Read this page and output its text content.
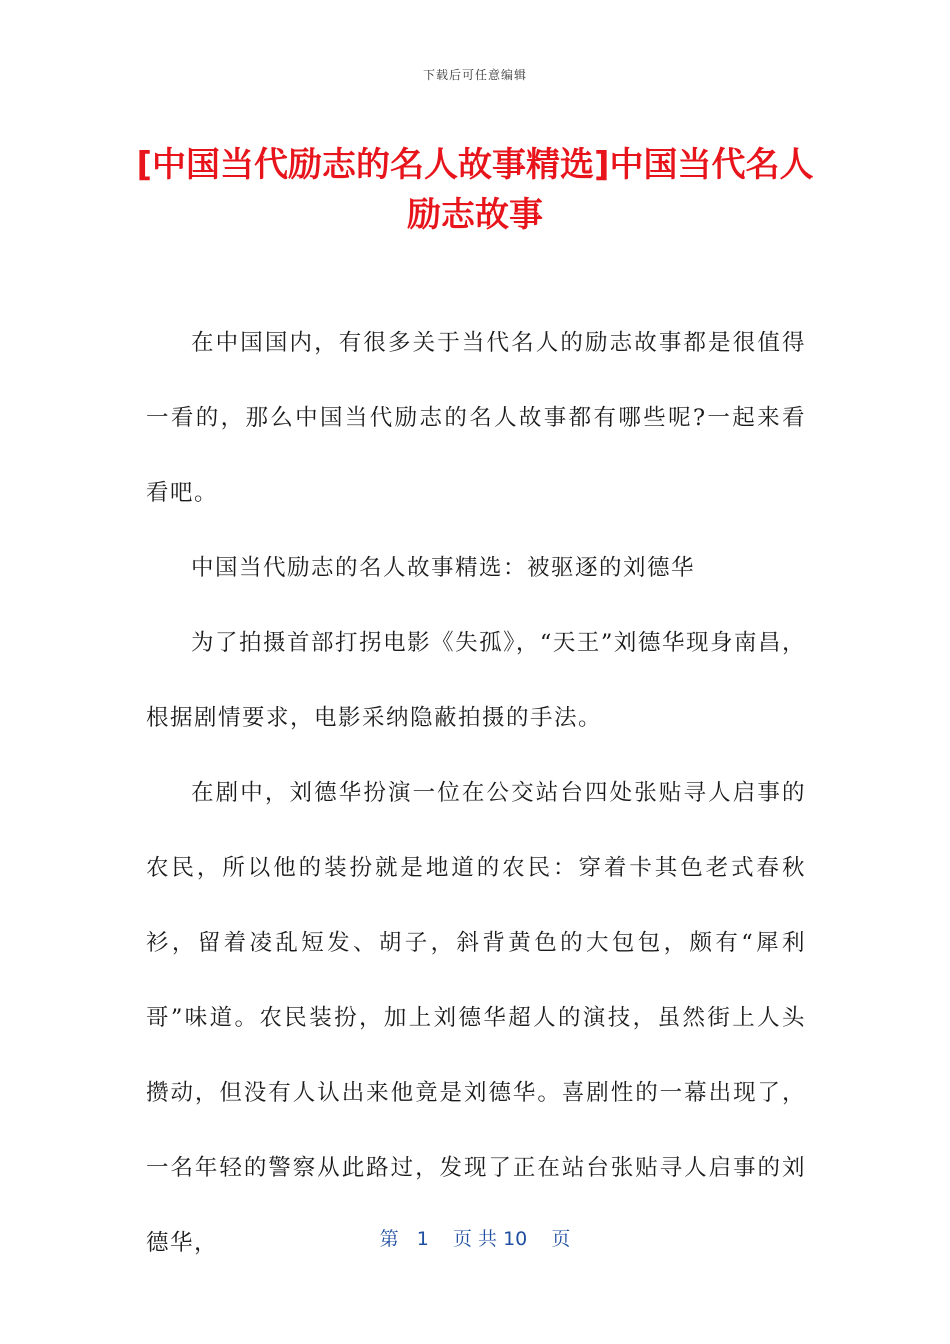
下载后可任意编辑
[中国当代励志的名人故事精选]中国当代名人励志故事

在中国国内，有很多关于当代名人的励志故事都是很值得一看的，那么中国当代励志的名人故事都有哪些呢?一起来看看吧。

中国当代励志的名人故事精选：被驱逐的刘德华

为了拍摄首部打拐电影《失孤》，“天王”刘德华现身南昌，根据剧情要求，电影采纳隐蔽拍摄的手法。

在剧中，刘德华扮演一位在公交站台四处张贴寻人启事的农民，所以他的装扮就是地道的农民：穿着卡其色老式春秋衫，留着凌乱短发、胡子，斜背黄色的大包包，颇有“犀利哥”味道。农民装扮，加上刘德华超人的演技，虽然街上人头攒动，但没有人认出来他竟是刘德华。喜剧性的一幕出现了，一名年轻的警察从此路过，发现了正在站台张贴寻人启事的刘德华，	第 1 页 共 10 页
